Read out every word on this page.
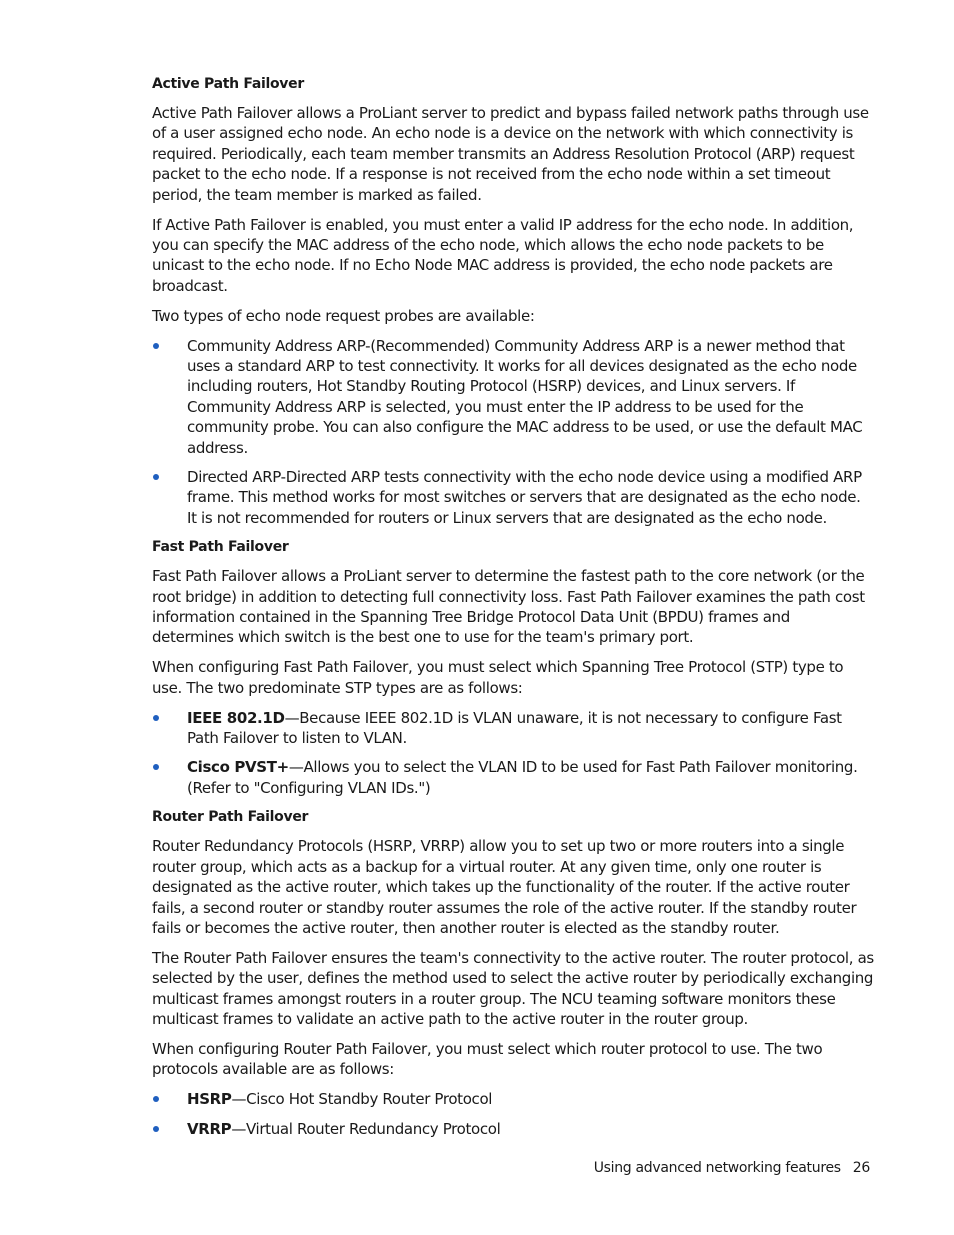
Active Path Failover

Active Path Failover allows a ProLiant server to predict and bypass failed network paths through use of a user assigned echo node. An echo node is a device on the network with which connectivity is required. Periodically, each team member transmits an Address Resolution Protocol (ARP) request packet to the echo node. If a response is not received from the echo node within a set timeout period, the team member is marked as failed.

If Active Path Failover is enabled, you must enter a valid IP address for the echo node. In addition, you can specify the MAC address of the echo node, which allows the echo node packets to be unicast to the echo node. If no Echo Node MAC address is provided, the echo node packets are broadcast.

Two types of echo node request probes are available:

Community Address ARP-(Recommended) Community Address ARP is a newer method that uses a standard ARP to test connectivity. It works for all devices designated as the echo node including routers, Hot Standby Routing Protocol (HSRP) devices, and Linux servers. If Community Address ARP is selected, you must enter the IP address to be used for the community probe. You can also configure the MAC address to be used, or use the default MAC address.
Directed ARP-Directed ARP tests connectivity with the echo node device using a modified ARP frame. This method works for most switches or servers that are designated as the echo node. It is not recommended for routers or Linux servers that are designated as the echo node.
Fast Path Failover

Fast Path Failover allows a ProLiant server to determine the fastest path to the core network (or the root bridge) in addition to detecting full connectivity loss. Fast Path Failover examines the path cost information contained in the Spanning Tree Bridge Protocol Data Unit (BPDU) frames and determines which switch is the best one to use for the team's primary port.

When configuring Fast Path Failover, you must select which Spanning Tree Protocol (STP) type to use. The two predominate STP types are as follows:

IEEE 802.1D—Because IEEE 802.1D is VLAN unaware, it is not necessary to configure Fast Path Failover to listen to VLAN.
Cisco PVST+—Allows you to select the VLAN ID to be used for Fast Path Failover monitoring. (Refer to "Configuring VLAN IDs.")
Router Path Failover

Router Redundancy Protocols (HSRP, VRRP) allow you to set up two or more routers into a single router group, which acts as a backup for a virtual router. At any given time, only one router is designated as the active router, which takes up the functionality of the router. If the active router fails, a second router or standby router assumes the role of the active router. If the standby router fails or becomes the active router, then another router is elected as the standby router.

The Router Path Failover ensures the team's connectivity to the active router. The router protocol, as selected by the user, defines the method used to select the active router by periodically exchanging multicast frames amongst routers in a router group. The NCU teaming software monitors these multicast frames to validate an active path to the active router in the router group.

When configuring Router Path Failover, you must select which router protocol to use. The two protocols available are as follows:

HSRP—Cisco Hot Standby Router Protocol
VRRP—Virtual Router Redundancy Protocol
Using advanced networking features 26
